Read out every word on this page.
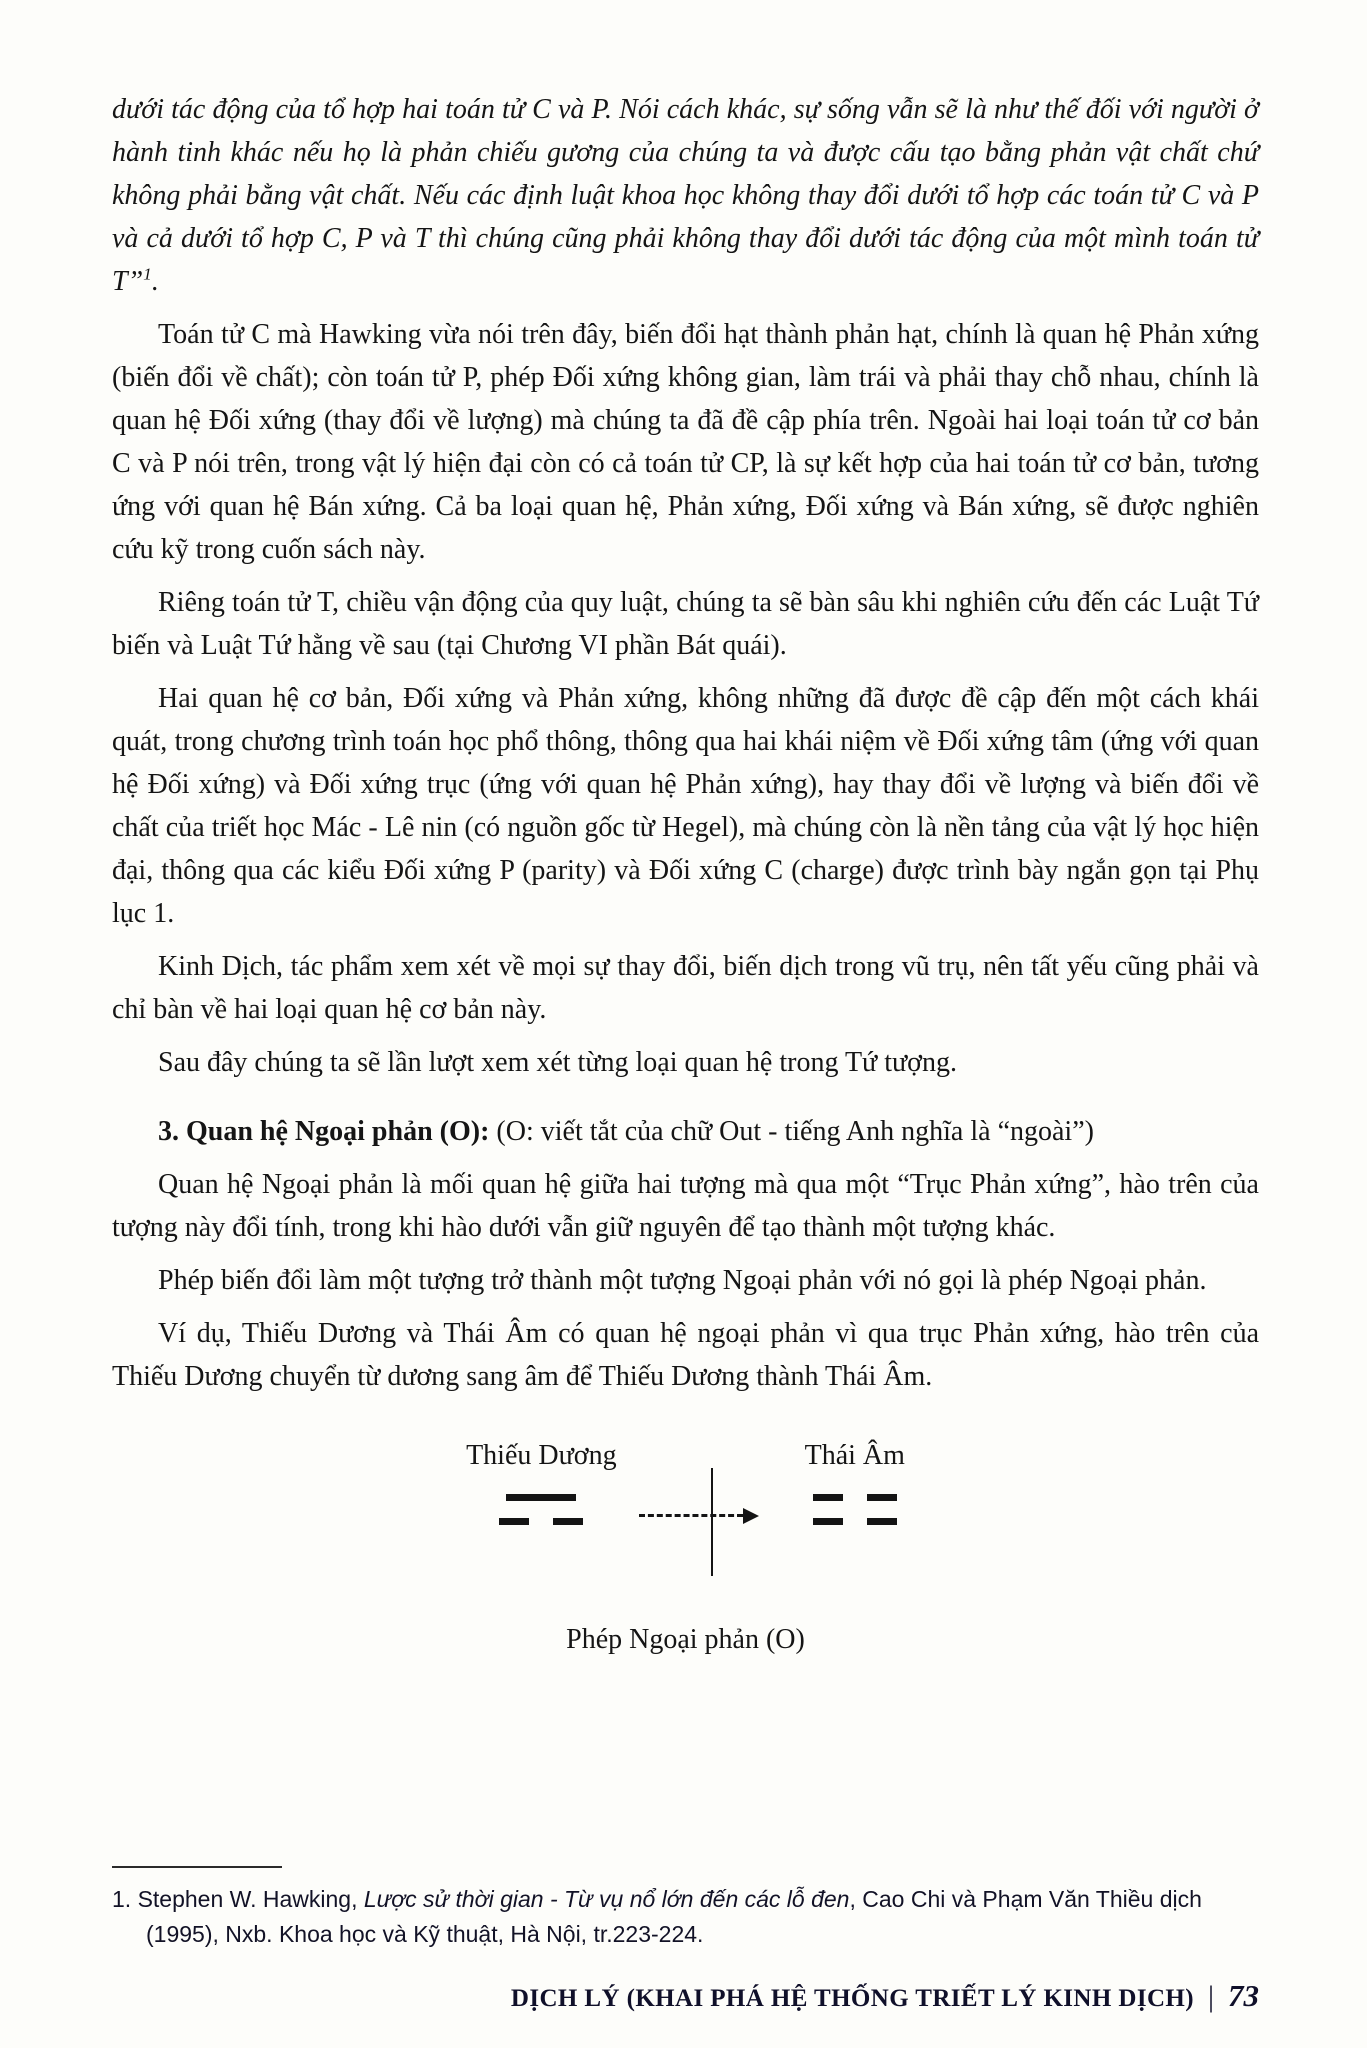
dưới tác động của tổ hợp hai toán tử C và P. Nói cách khác, sự sống vẫn sẽ là như thế đối với người ở hành tinh khác nếu họ là phản chiếu gương của chúng ta và được cấu tạo bằng phản vật chất chứ không phải bằng vật chất. Nếu các định luật khoa học không thay đổi dưới tổ hợp các toán tử C và P và cả dưới tổ hợp C, P và T thì chúng cũng phải không thay đổi dưới tác động của một mình toán tử T”$^1$.

Toán tử C mà Hawking vừa nói trên đây, biến đổi hạt thành phản hạt, chính là quan hệ Phản xứng (biến đổi về chất); còn toán tử P, phép Đối xứng không gian, làm trái và phải thay chỗ nhau, chính là quan hệ Đối xứng (thay đổi về lượng) mà chúng ta đã đề cập phía trên. Ngoài hai loại toán tử cơ bản C và P nói trên, trong vật lý hiện đại còn có cả toán tử CP, là sự kết hợp của hai toán tử cơ bản, tương ứng với quan hệ Bán xứng. Cả ba loại quan hệ, Phản xứng, Đối xứng và Bán xứng, sẽ được nghiên cứu kỹ trong cuốn sách này.

Riêng toán tử T, chiều vận động của quy luật, chúng ta sẽ bàn sâu khi nghiên cứu đến các Luật Tứ biến và Luật Tứ hằng về sau (tại Chương VI phần Bát quái).

Hai quan hệ cơ bản, Đối xứng và Phản xứng, không những đã được đề cập đến một cách khái quát, trong chương trình toán học phổ thông, thông qua hai khái niệm về Đối xứng tâm (ứng với quan hệ Đối xứng) và Đối xứng trục (ứng với quan hệ Phản xứng), hay thay đổi về lượng và biến đổi về chất của triết học Mác - Lê nin (có nguồn gốc từ Hegel), mà chúng còn là nền tảng của vật lý học hiện đại, thông qua các kiểu Đối xứng P (parity) và Đối xứng C (charge) được trình bày ngắn gọn tại Phụ lục 1.

Kinh Dịch, tác phẩm xem xét về mọi sự thay đổi, biến dịch trong vũ trụ, nên tất yếu cũng phải và chỉ bàn về hai loại quan hệ cơ bản này.

Sau đây chúng ta sẽ lần lượt xem xét từng loại quan hệ trong Tứ tượng.

3. Quan hệ Ngoại phản (O): (O: viết tắt của chữ Out - tiếng Anh nghĩa là “ngoài”)

Quan hệ Ngoại phản là mối quan hệ giữa hai tượng mà qua một “Trục Phản xứng”, hào trên của tượng này đổi tính, trong khi hào dưới vẫn giữ nguyên để tạo thành một tượng khác.

Phép biến đổi làm một tượng trở thành một tượng Ngoại phản với nó gọi là phép Ngoại phản.

Ví dụ, Thiếu Dương và Thái Âm có quan hệ ngoại phản vì qua trục Phản xứng, hào trên của Thiếu Dương chuyển từ dương sang âm để Thiếu Dương thành Thái Âm.

Thiếu Dương	Thái Âm
Phép Ngoại phản (O)

1. Stephen W. Hawking, Lược sử thời gian - Từ vụ nổ lớn đến các lỗ đen, Cao Chi và Phạm Văn Thiều dịch (1995), Nxb. Khoa học và Kỹ thuật, Hà Nội, tr.223-224.

DỊCH LÝ (KHAI PHÁ HỆ THỐNG TRIẾT LÝ KINH DỊCH) | 73
